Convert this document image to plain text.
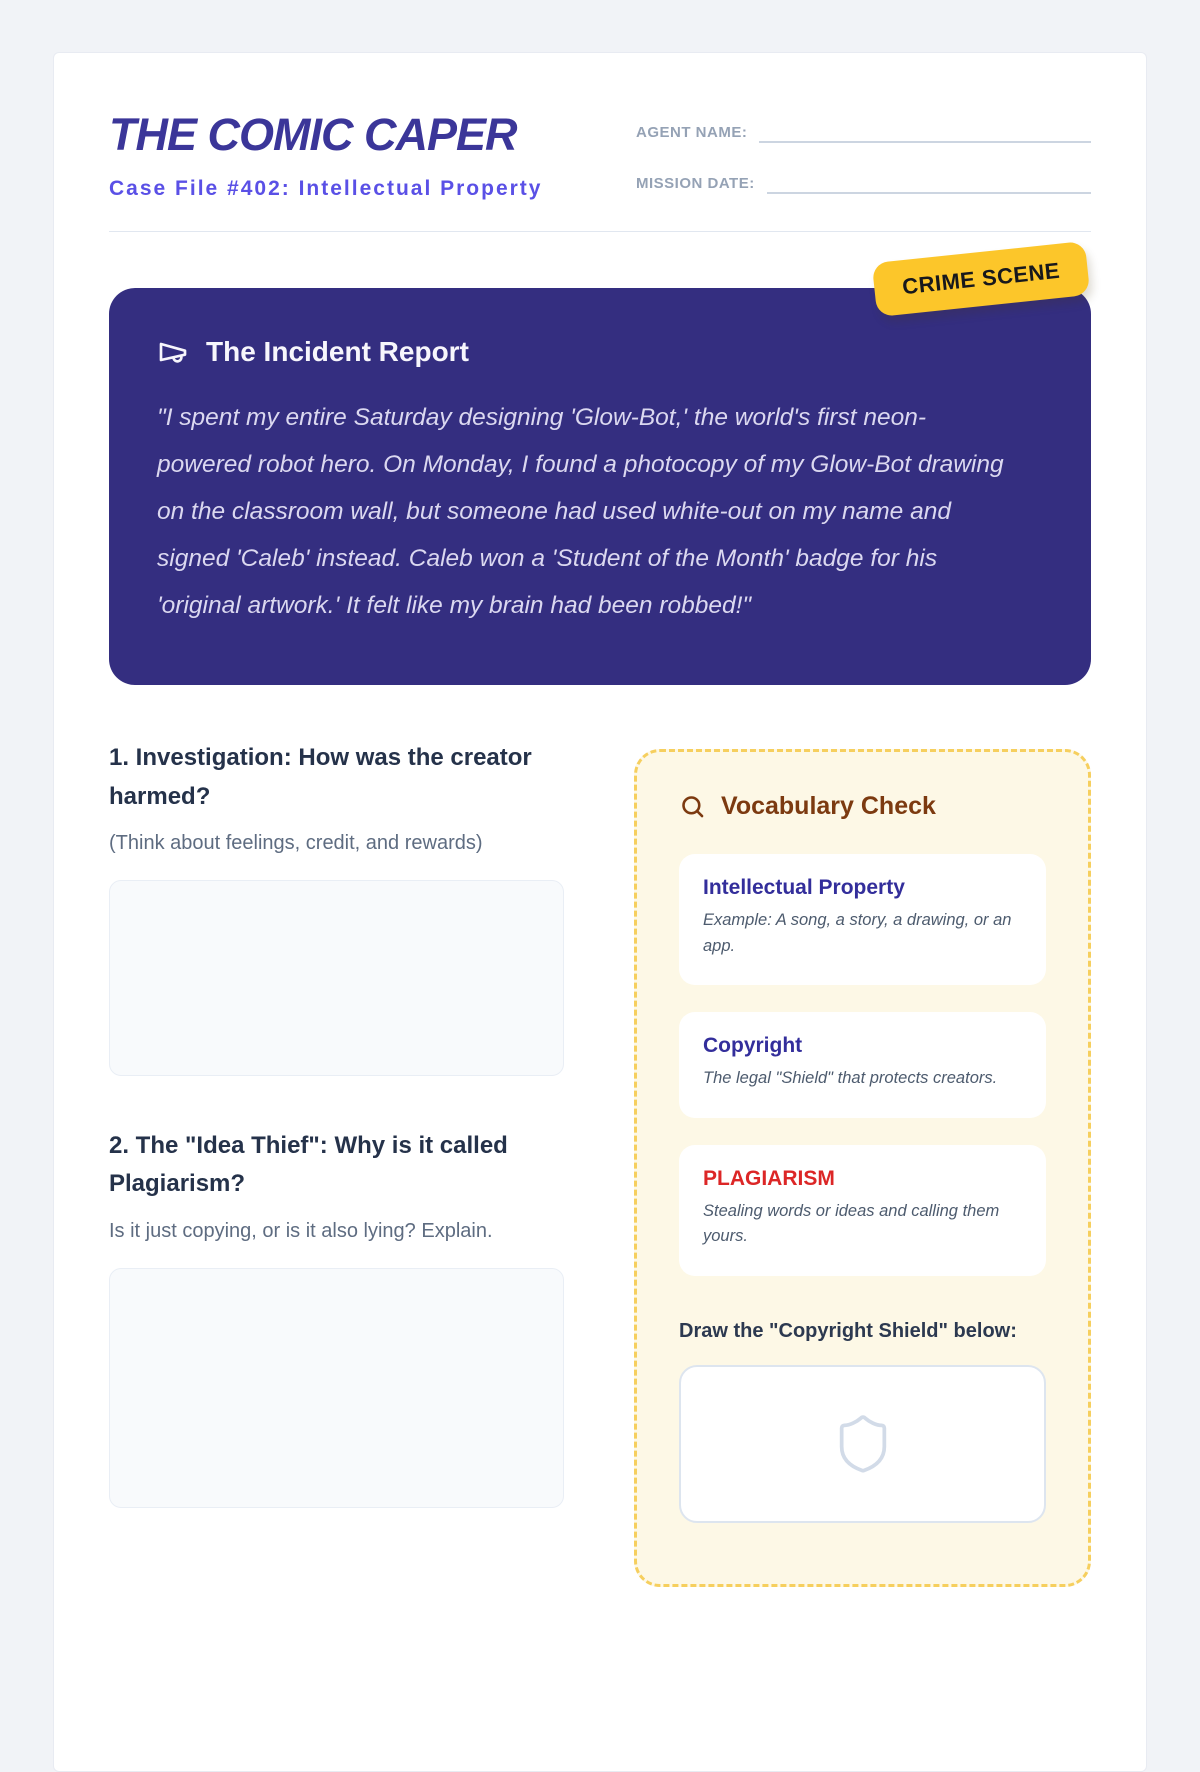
THE COMIC CAPER
Case File #402: Intellectual Property
AGENT NAME:
MISSION DATE:
CRIME SCENE
The Incident Report

"I spent my entire Saturday designing 'Glow-Bot,' the world's first neon-powered robot hero. On Monday, I found a photocopy of my Glow-Bot drawing on the classroom wall, but someone had used white-out on my name and signed 'Caleb' instead. Caleb won a 'Student of the Month' badge for his 'original artwork.' It felt like my brain had been robbed!"

1. Investigation: How was the creator harmed?
(Think about feelings, credit, and rewards)
2. The "Idea Thief": Why is it called Plagiarism?
Is it just copying, or is it also lying? Explain.
Vocabulary Check
Intellectual Property
Example: A song, a story, a drawing, or an app.
Copyright
The legal "Shield" that protects creators.
PLAGIARISM
Stealing words or ideas and calling them yours.
Draw the "Copyright Shield" below:
